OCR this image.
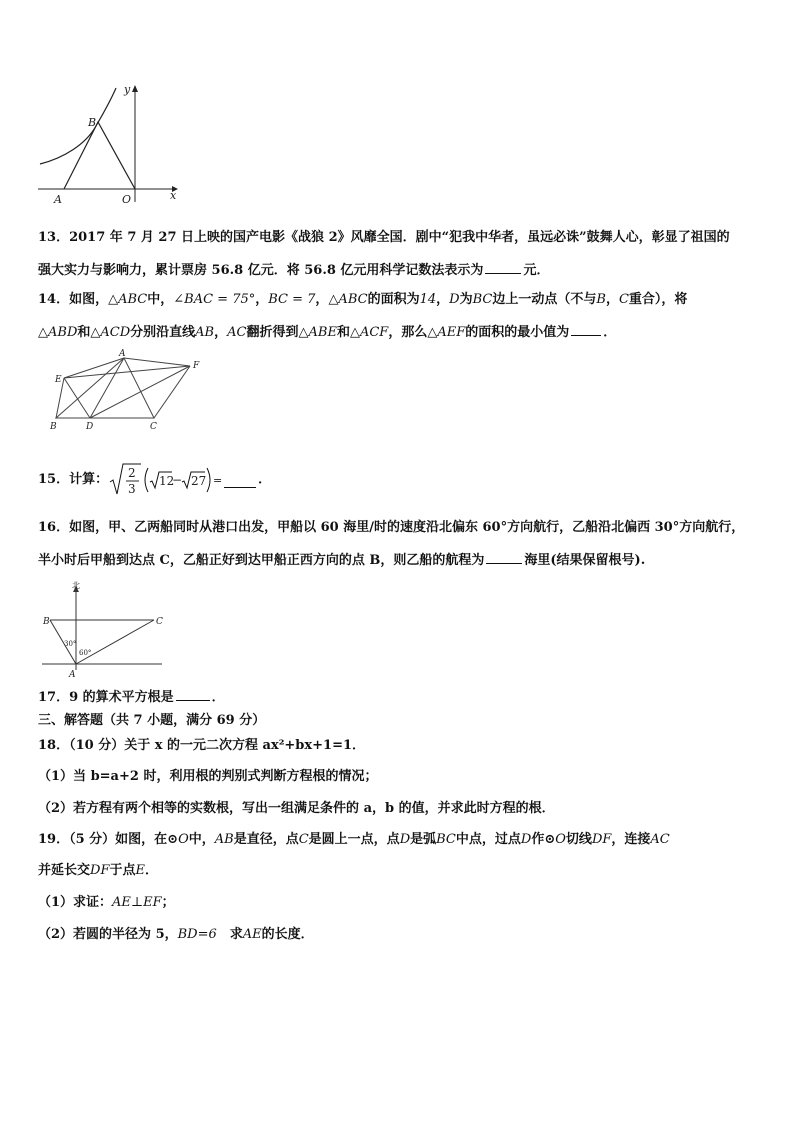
y
x
B
A	O
13．2017 年 7 月 27 日上映的国产电影《战狼 2》风靡全国．剧中“犯我中华者，虽远必诛”鼓舞人心，彰显了祖国的
强大实力与影响力，累计票房 56.8 亿元．将 56.8 亿元用科学记数法表示为	元．
14．如图，△ABC中，∠BAC = 75°，BC = 7，△ABC的面积为14，D为BC边上一动点（不与B，C重合），将
△ABD和△ACD分别沿直线AB，AC翻折得到△ABE和△ACF，那么△AEF的面积的最小值为	．
A
E
F
B	D	C
15．计算： 2
3
12
− 27 =	．
16．如图，甲、乙两船同时从港口出发，甲船以 60 海里/时的速度沿北偏东 60°方向航行，乙船沿北偏西 30°方向航行，
半小时后甲船到达点 C，乙船正好到达甲船正西方向的点 B，则乙船的航程为	海里(结果保留根号).
北
B	C
A
30°
60°
17．9 的算术平方根是	．
三、解答题（共 7 小题，满分 69 分）
18．（10 分）关于 x 的一元二次方程 ax²+bx+1=1．
（1）当 b=a+2 时，利用根的判别式判断方程根的情况；
（2）若方程有两个相等的实数根，写出一组满足条件的 a，b 的值，并求此时方程的根．
19．（5 分）如图，在⊙O中，AB是直径，点C是圆上一点，点D是弧BC中点，过点D作⊙O切线DF，连接AC
并延长交DF于点E．
（1）求证：AE⊥EF；
（2）若圆的半径为 5，BD=6　求AE的长度．
